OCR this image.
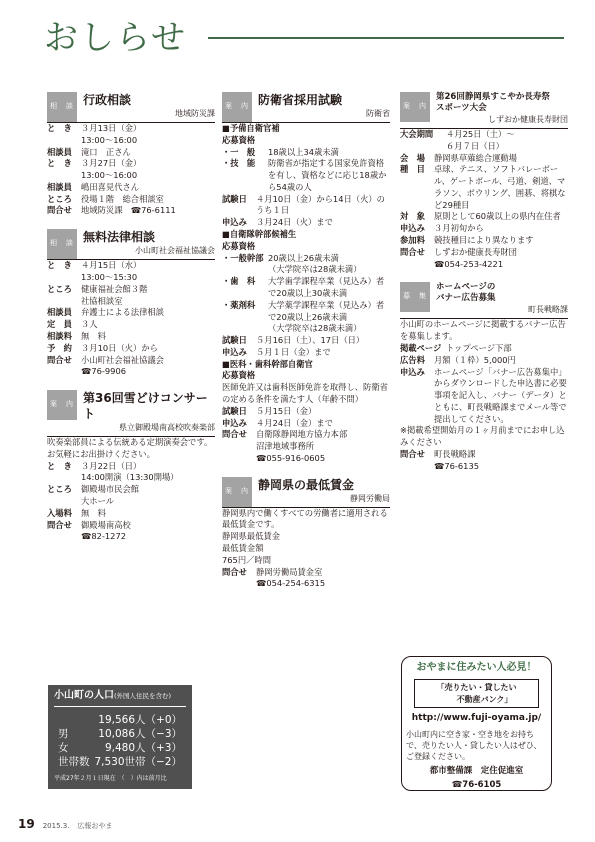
おしらせ
相　談 行政相談
地域防災課
と　き	３月13日（金）
13:00〜16:00
相談員	滝口　正さん
と　き	３月27日（金）
13:00〜16:00
相談員	嶋田喜見代さん
ところ	役場１階　総合相談室
問合せ	地域防災課　☎76-6111
相　談 無料法律相談
小山町社会福祉協議会
と　き	４月15日（水）
13:00〜15:30
ところ	健康福祉会館３階
社協相談室
相談員	弁護士による法律相談
定　員	３人
相談料	無　料
予　約	３月10日（火）から
問合せ	小山町社会福祉協議会
☎76-9906
案　内 第36回雪どけコンサート
県立御殿場南高校吹奏楽部
吹奏楽部員による伝統ある定期演奏会です。お気軽にお出掛けください。
と　き	３月22日（日）
14:00開演（13:30開場）
ところ	御殿場市民会館
大ホール
入場料	無　料
問合せ	御殿場南高校
☎82-1272
案　内 防衛省採用試験
防衛省
■予備自衛官補
応募資格
・一　般	18歳以上34歳未満
・技　能	防衛省が指定する国家免許資格を有し、資格などに応じ18歳から54歳の人
試験日	４月10日（金）から14日（火）のうち１日
申込み	３月24日（火）まで
■自衛隊幹部候補生
応募資格
・一般幹部 20歳以上26歳未満
（大学院卒は28歳未満）
・歯　科	大学歯学課程卒業（見込み）者で20歳以上30歳未満
・薬剤科	大学薬学課程卒業（見込み）者で20歳以上26歳未満
（大学院卒は28歳未満）
試験日	５月16日（土）、17日（日）
申込み	５月１日（金）まで
■医科・歯科幹部自衛官
応募資格
医師免許又は歯科医師免許を取得し、防衛省の定める条件を満たす人（年齢不問）
試験日	５月15日（金）
申込み	４月24日（金）まで
問合せ	自衛隊静岡地方協力本部
沼津地域事務所
☎055-916-0605
案　内 静岡県の最低賃金
静岡労働局
静岡県内で働くすべての労働者に適用される最低賃金です。
静岡県最低賃金
最低賃金額
765円／時間
問合せ	静岡労働局賃金室
☎054-254-6315
案　内
第26回静岡県すこやか長寿祭
スポーツ大会
しずおか健康長寿財団
大会期間	４月25日（土）〜
６月７日（日）
会　場	静岡県草薙総合運動場
種　目	卓球、テニス、ソフトバレーボール、ゲートボール、弓道、剣道、マラソン、ボウリング、囲碁、将棋など29種目
対　象	原則として60歳以上の県内在住者
申込み	３月初旬から
参加料	競技種目により異なります
問合せ	しずおか健康長寿財団
☎054-253-4221
募　集
ホームページの
バナー広告募集
町長戦略課
小山町のホームページに掲載するバナー広告を募集します。
掲載ページ トップページ下部
広告料	月額（１枠）5,000円
申込み	ホームページ「バナー広告募集中」からダウンロードした申込書に必要事項を記入し、バナー（データ）とともに、町長戦略課までメール等で提出してください。
※掲載希望開始月の１ヶ月前までにお申し込みください
問合せ	町長戦略課
☎76-6135
小山町の人口(外国人住民を含む)
19,566人（+0）
男	10,086人（−3）
女	9,480人（+3）
世帯数 7,530世帯（−2）
平成27年２月１日現在　（　）内は前月比
おやまに住みたい人必見！
「売りたい・貸したい
　　不動産バンク」
http://www.fuji-oyama.jp/
小山町内に空き家・空き地をお持ちで、売りたい人・貸したい人はぜひ、ご登録ください。
都市整備課　定住促進室
☎76-6105
19 2015.3. 広報おやま
